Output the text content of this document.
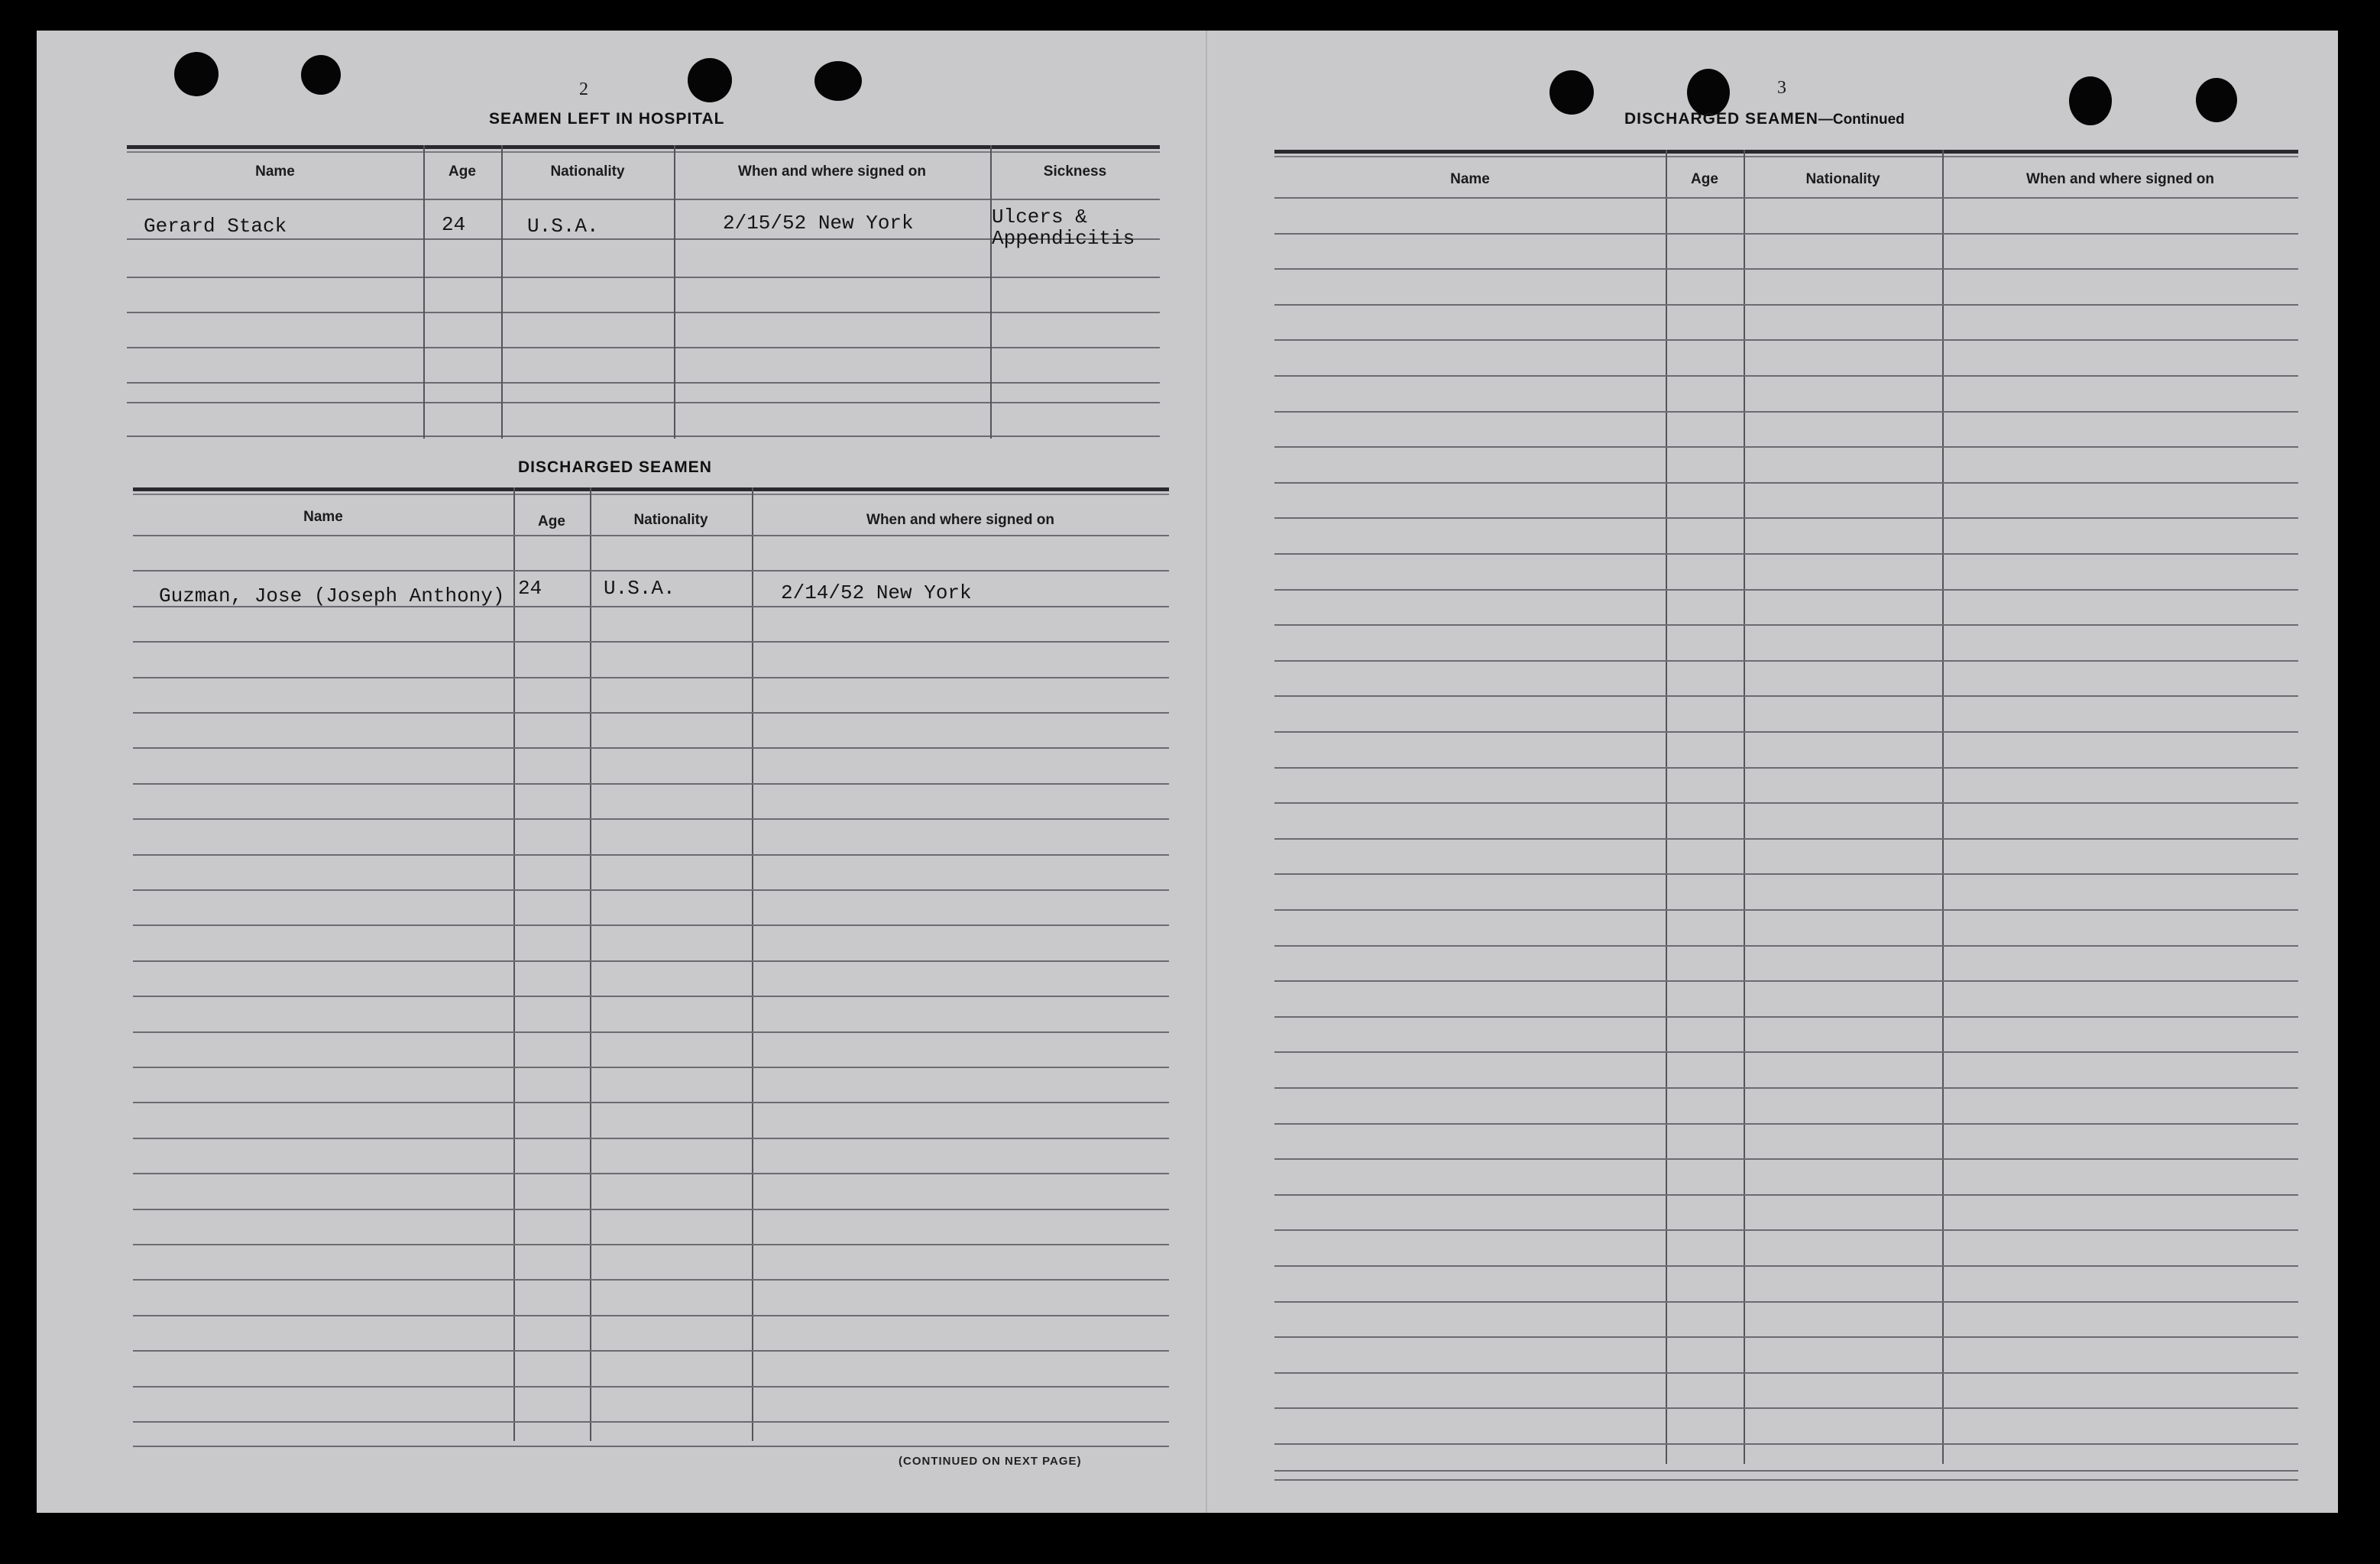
2
SEAMEN LEFT IN HOSPITAL
Name	Age	Nationality	When and where signed on	Sickness
Gerard Stack	24	U.S.A.	2/15/52 New York	Ulcers &
Appendicitis
DISCHARGED SEAMEN
Name	Age	Nationality	When and where signed on
Guzman, Jose (Joseph Anthony) 24	U.S.A.	2/14/52 New York
(CONTINUED ON NEXT PAGE)
3
DISCHARGED SEAMEN—Continued
Name	Age	Nationality	When and where signed on
